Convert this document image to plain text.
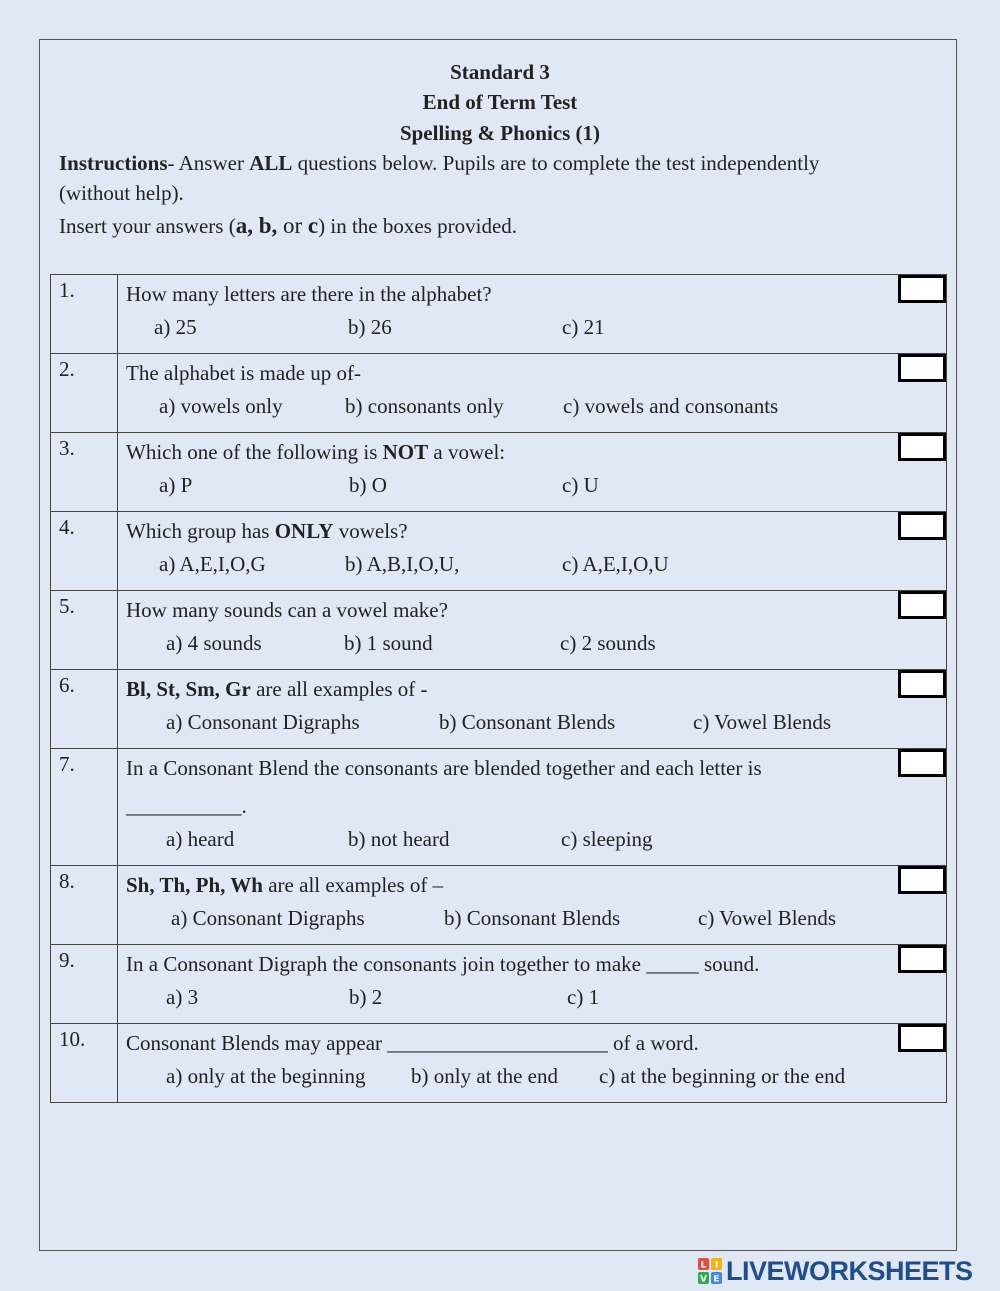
Standard 3
End of Term Test
Spelling & Phonics (1)
Instructions- Answer ALL questions below. Pupils are to complete the test independently
(without help).
Insert your answers (a, b, or c) in the boxes provided.
1.	How many letters are there in the alphabet?
a) 25 b) 26 c) 21

2.	The alphabet is made up of-
a) vowels only b) consonants only c) vowels and consonants

3.	Which one of the following is NOT a vowel:
a) P b) O c) U

4.	Which group has ONLY vowels?
a) A,E,I,O,G b) A,B,I,O,U, c) A,E,I,O,U

5.	How many sounds can a vowel make?
a) 4 sounds b) 1 sound c) 2 sounds

6.	Bl, St, Sm, Gr are all examples of -
a) Consonant Digraphs b) Consonant Blends c) Vowel Blends

7.	In a Consonant Blend the consonants are blended together and each letter is
___________.
a) heard b) not heard c) sleeping

8.	Sh, Th, Ph, Wh are all examples of –
a) Consonant Digraphs b) Consonant Blends c) Vowel Blends

9.	In a Consonant Digraph the consonants join together to make _____ sound.
a) 3 b) 2 c) 1

10.	Consonant Blends may appear _____________________ of a word.
a) only at the beginning b) only at the end c) at the beginning or the end
L I
V E LIVEWORKSHEETS
